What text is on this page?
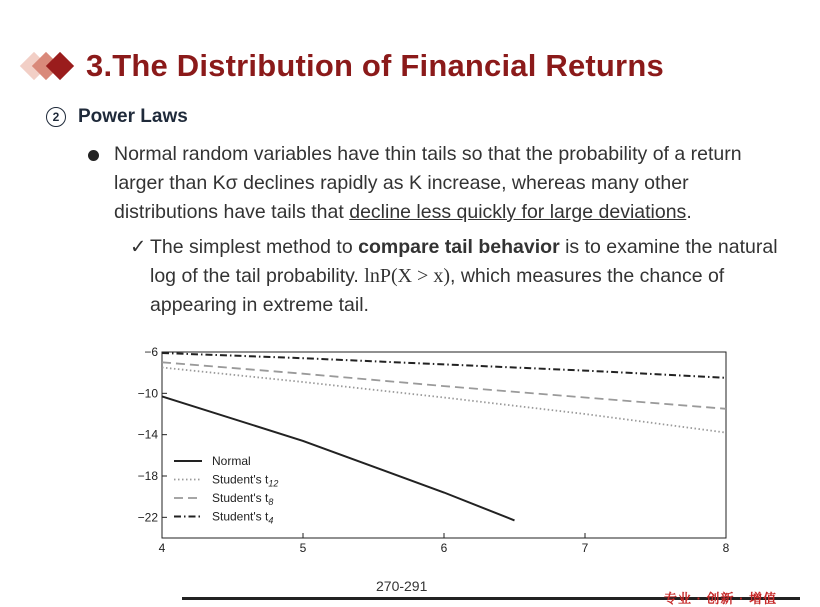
3.The Distribution of Financial Returns
2 Power Laws
Normal random variables have thin tails so that the probability of a return larger than Kσ declines rapidly as K increase, whereas many other distributions have tails that decline less quickly for large deviations.
✓ The simplest method to compare tail behavior is to examine the natural log of the tail probability. lnP(X > x), which measures the chance of appearing in extreme tail.
−6
−10
−14
−18
−22
4	5	6	7	8
Normal
Student's $t_{12}$
Student's $t_8$
Student's $t_4$
270-291
专业 · 创新 · 增值
